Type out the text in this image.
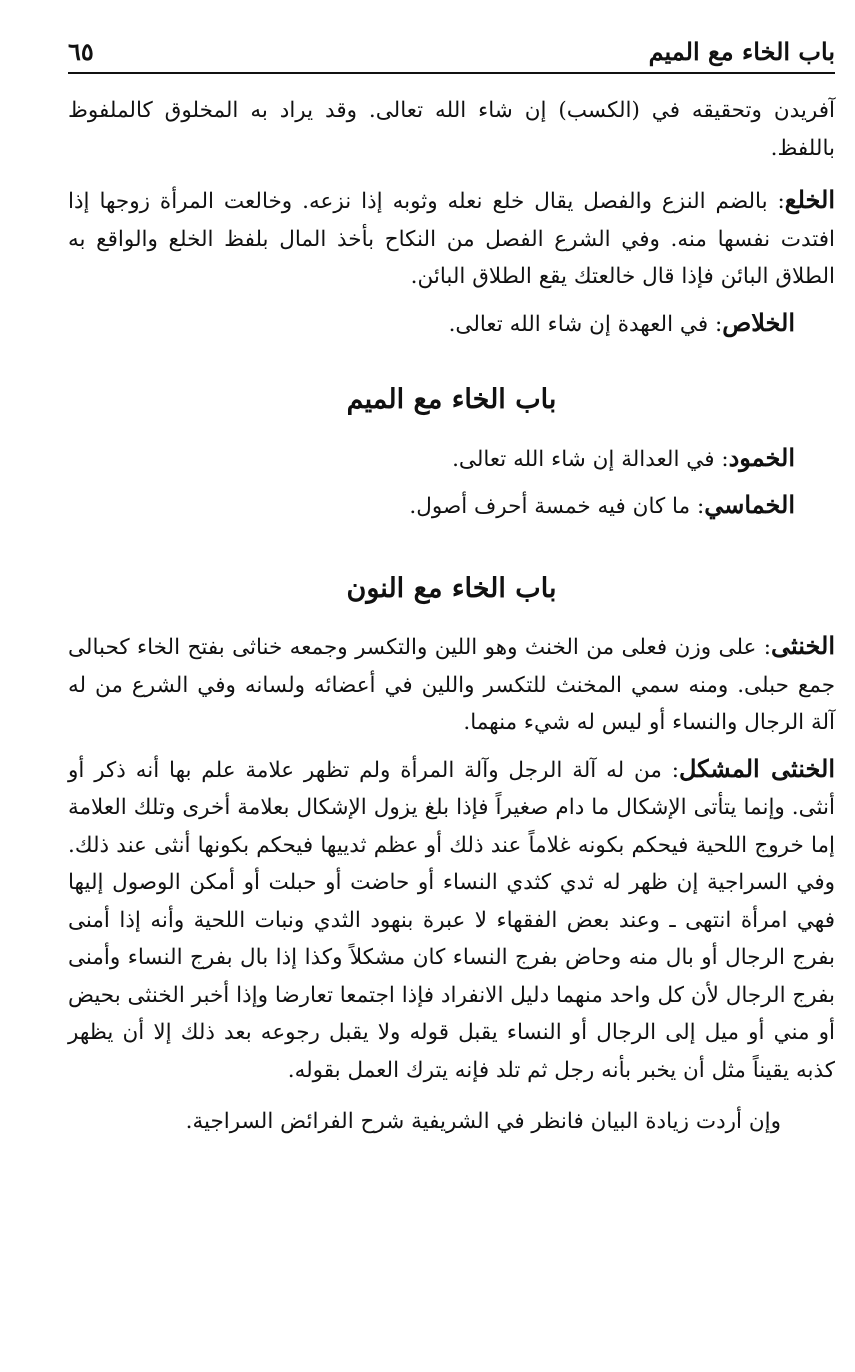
باب الخاء مع الميم
٦٥

آفريدن وتحقيقه في (الكسب) إن شاء الله تعالى. وقد يراد به المخلوق كالملفوظ باللفظ.

الخلع: بالضم النزع والفصل يقال خلع نعله وثوبه إذا نزعه. وخالعت المرأة زوجها إذا افتدت نفسها منه. وفي الشرع الفصل من النكاح بأخذ المال بلفظ الخلع والواقع به الطلاق البائن فإذا قال خالعتك يقع الطلاق البائن.

الخلاص: في العهدة إن شاء الله تعالى.

باب الخاء مع الميم

الخمود: في العدالة إن شاء الله تعالى.

الخماسي: ما كان فيه خمسة أحرف أصول.

باب الخاء مع النون

الخنثى: على وزن فعلى من الخنث وهو اللين والتكسر وجمعه خناثى بفتح الخاء كحبالى جمع حبلى. ومنه سمي المخنث للتكسر واللين في أعضائه ولسانه وفي الشرع من له آلة الرجال والنساء أو ليس له شيء منهما.

الخنثى المشكل: من له آلة الرجل وآلة المرأة ولم تظهر علامة علم بها أنه ذكر أو أنثى. وإنما يتأتى الإشكال ما دام صغيراً فإذا بلغ يزول الإشكال بعلامة أخرى وتلك العلامة إما خروج اللحية فيحكم بكونه غلاماً عند ذلك أو عظم ثدييها فيحكم بكونها أنثى عند ذلك. وفي السراجية إن ظهر له ثدي كثدي النساء أو حاضت أو حبلت أو أمكن الوصول إليها فهي امرأة انتهى ـ وعند بعض الفقهاء لا عبرة بنهود الثدي ونبات اللحية وأنه إذا أمنى بفرج الرجال أو بال منه وحاض بفرج النساء كان مشكلاً وكذا إذا بال بفرج النساء وأمنى بفرج الرجال لأن كل واحد منهما دليل الانفراد فإذا اجتمعا تعارضا وإذا أخبر الخنثى بحيض أو مني أو ميل إلى الرجال أو النساء يقبل قوله ولا يقبل رجوعه بعد ذلك إلا أن يظهر كذبه يقيناً مثل أن يخبر بأنه رجل ثم تلد فإنه يترك العمل بقوله.

وإن أردت زيادة البيان فانظر في الشريفية شرح الفرائض السراجية.
